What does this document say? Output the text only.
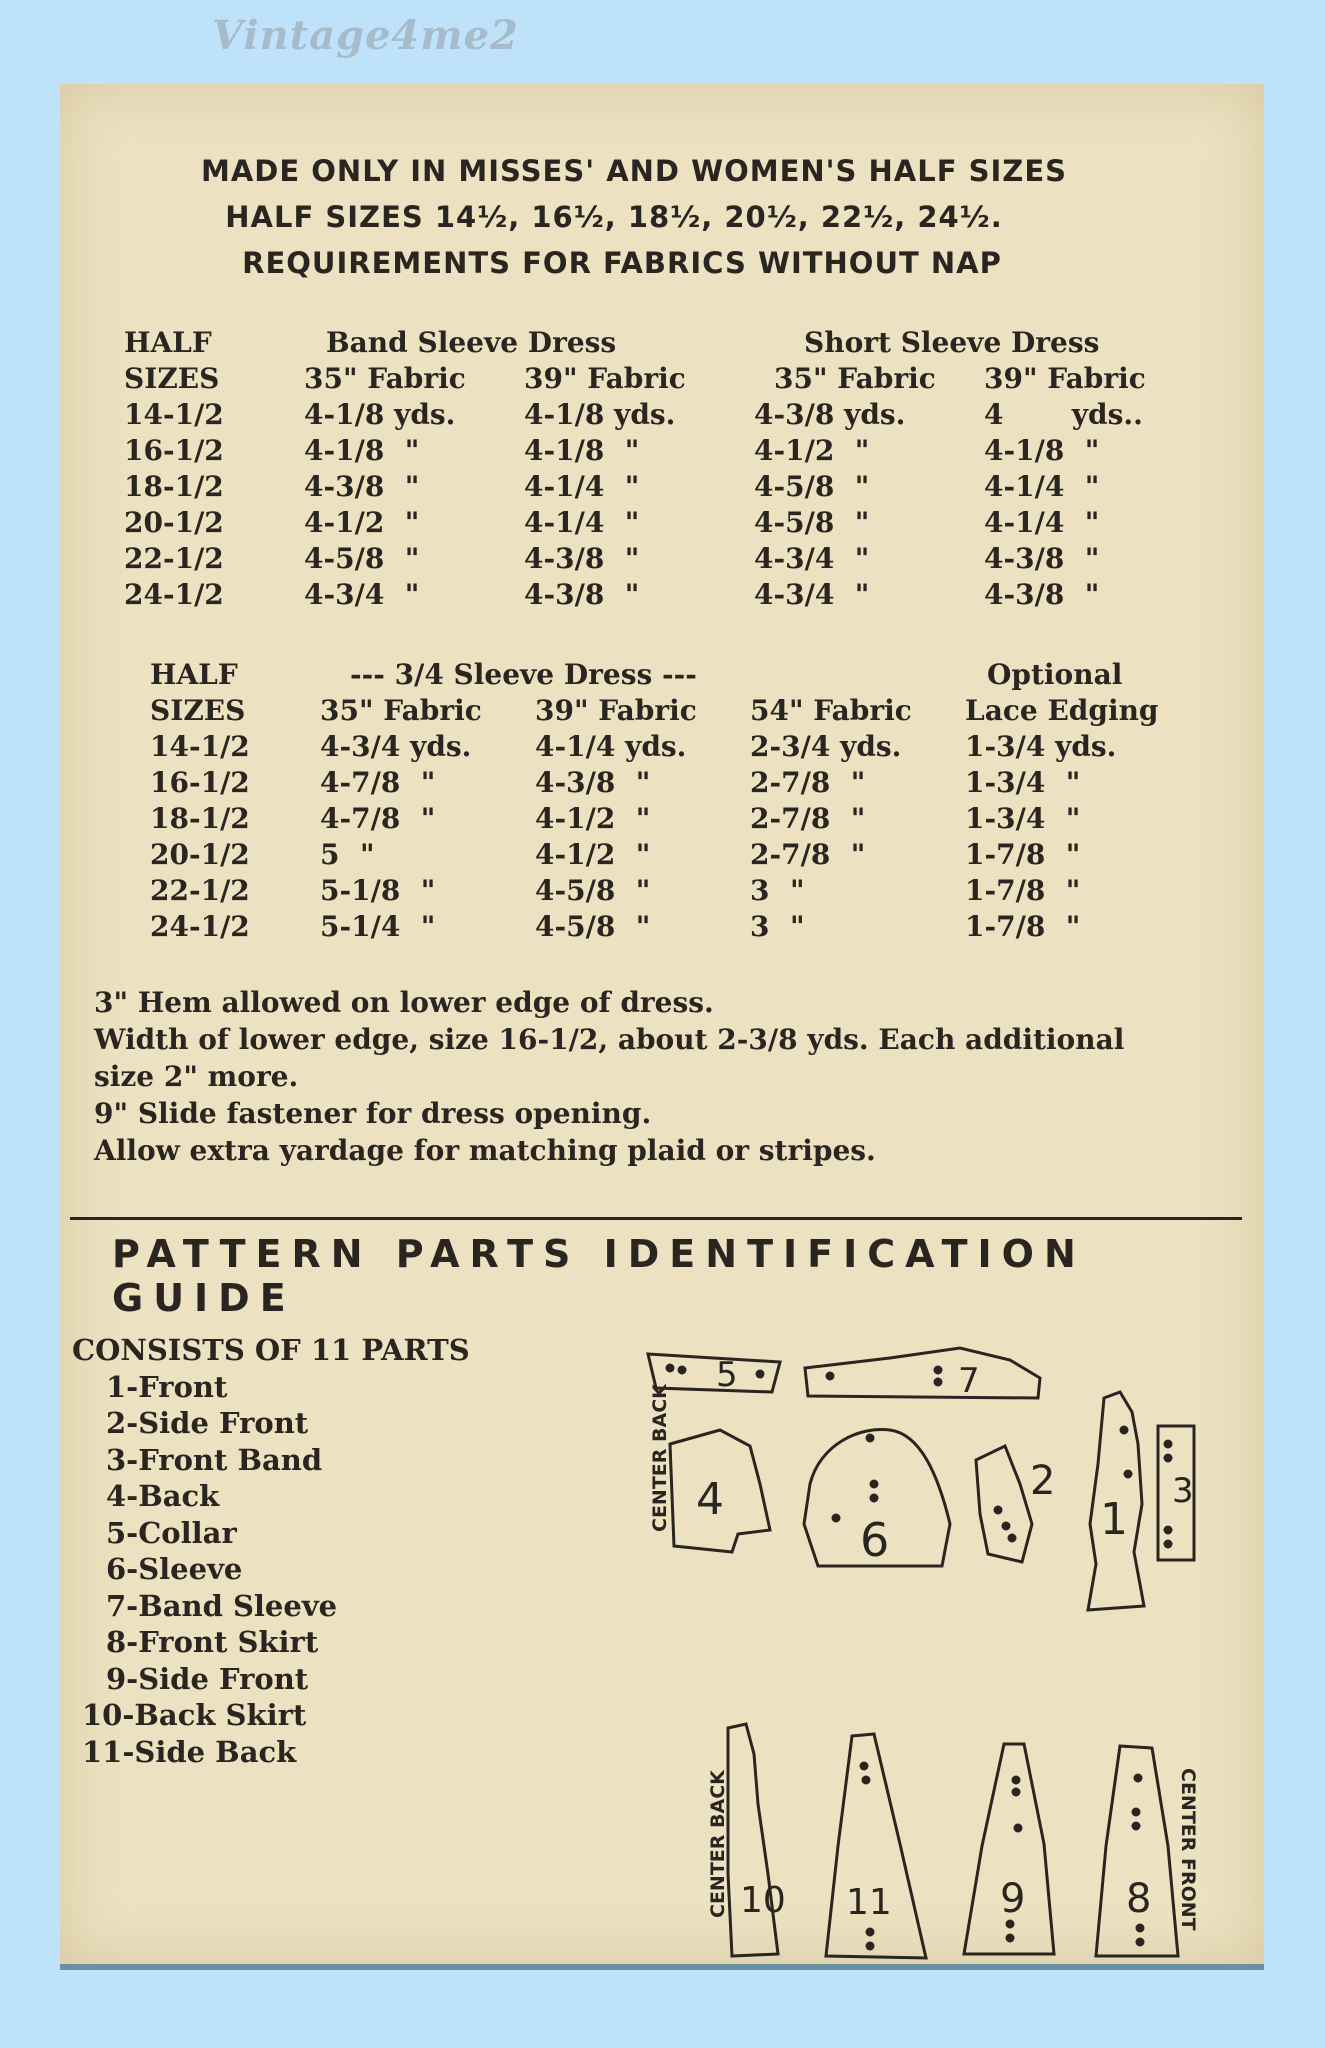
Vintage4me2
MADE ONLY IN MISSES' AND WOMEN'S HALF SIZES
HALF SIZES 14½, 16½, 18½, 20½, 22½, 24½.
REQUIREMENTS FOR FABRICS WITHOUT NAP
HALF	Band Sleeve Dress		Short Sleeve Dress	
SIZES	35" Fabric	39" Fabric	35" Fabric	39" Fabric
14-1/2	4-1/8 yds.	4-1/8 yds.	4-3/8 yds.	4       yds..
16-1/2	4-1/8 "	4-1/8 "	4-1/2 "	4-1/8 "
18-1/2	4-3/8 "	4-1/4 "	4-5/8 "	4-1/4 "
20-1/2	4-1/2 "	4-1/4 "	4-5/8 "	4-1/4 "
22-1/2	4-5/8 "	4-3/8 "	4-3/4 "	4-3/8 "
24-1/2	4-3/4 "	4-3/8 "	4-3/4 "	4-3/8 "
HALF	--- 3/4 Sleeve Dress ---			Optional
SIZES	35" Fabric	39" Fabric	54" Fabric	Lace Edging
14-1/2	4-3/4 yds.	4-1/4 yds.	2-3/4 yds.	1-3/4 yds.
16-1/2	4-7/8 "	4-3/8 "	2-7/8 "	1-3/4 "
18-1/2	4-7/8 "	4-1/2 "	2-7/8 "	1-3/4 "
20-1/2	5 "	4-1/2 "	2-7/8 "	1-7/8 "
22-1/2	5-1/8 "	4-5/8 "	3 "	1-7/8 "
24-1/2	5-1/4 "	4-5/8 "	3 "	1-7/8 "
3" Hem allowed on lower edge of dress.
Width of lower edge, size 16-1/2, about 2-3/8 yds. Each additional
size 2" more.
9" Slide fastener for dress opening.
Allow extra yardage for matching plaid or stripes.
PATTERN PARTS IDENTIFICATION GUIDE
CONSISTS OF 11 PARTS
1-Front
2-Side Front
3-Front Band
4-Back
5-Collar
6-Sleeve
7-Band Sleeve
8-Front Skirt
9-Side Front
10-Back Skirt
11-Side Back
5	7
CENTER BACK 4
6
2
1
3
CENTER BACK 10 11	9	8 CENTER FRONT
